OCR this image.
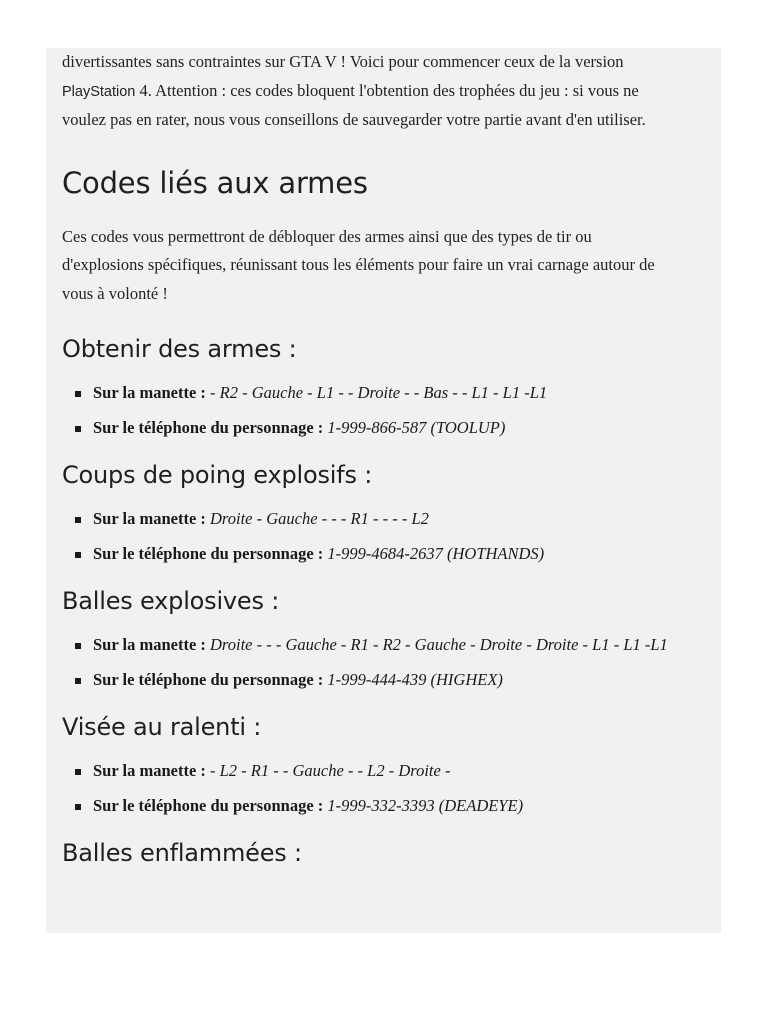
divertissantes sans contraintes sur GTA V ! Voici pour commencer ceux de la version
PlayStation 4. Attention : ces codes bloquent l'obtention des trophées du jeu : si vous ne
voulez pas en rater, nous vous conseillons de sauvegarder votre partie avant d'en utiliser.

Codes liés aux armes

Ces codes vous permettront de débloquer des armes ainsi que des types de tir ou
d'explosions spécifiques, réunissant tous les éléments pour faire un vrai carnage autour de
vous à volonté !

Obtenir des armes :
Sur la manette : - R2 - Gauche - L1 - - Droite - - Bas - - L1 - L1 -L1
Sur le téléphone du personnage : 1-999-866-587 (TOOLUP)
Coups de poing explosifs :
Sur la manette : Droite - Gauche - - - R1 - - - - L2
Sur le téléphone du personnage : 1-999-4684-2637 (HOTHANDS)
Balles explosives :
Sur la manette : Droite - - - Gauche - R1 - R2 - Gauche - Droite - Droite - L1 - L1 -L1
Sur le téléphone du personnage : 1-999-444-439 (HIGHEX)
Visée au ralenti :
Sur la manette : - L2 - R1 - - Gauche - - L2 - Droite -
Sur le téléphone du personnage : 1-999-332-3393 (DEADEYE)
Balles enflammées :
